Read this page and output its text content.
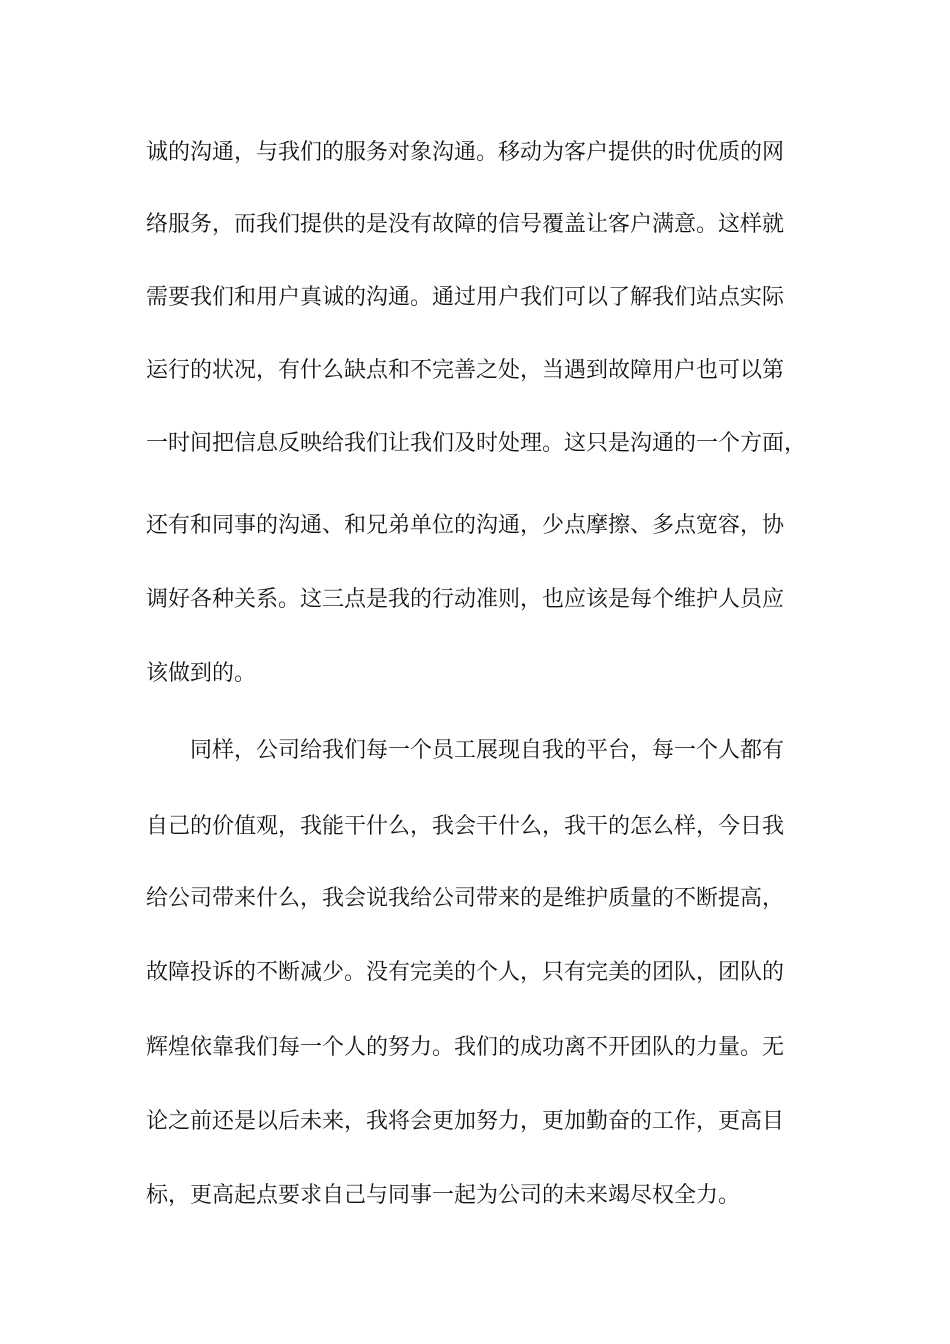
诚的沟通，与我们的服务对象沟通。移动为客户提供的时优质的网
络服务，而我们提供的是没有故障的信号覆盖让客户满意。这样就
需要我们和用户真诚的沟通。通过用户我们可以了解我们站点实际
运行的状况，有什么缺点和不完善之处，当遇到故障用户也可以第
一时间把信息反映给我们让我们及时处理。这只是沟通的一个方面，
还有和同事的沟通、和兄弟单位的沟通，少点摩擦、多点宽容，协
调好各种关系。这三点是我的行动准则，也应该是每个维护人员应
该做到的。
同样，公司给我们每一个员工展现自我的平台，每一个人都有
自己的价值观，我能干什么，我会干什么，我干的怎么样，今日我
给公司带来什么，我会说我给公司带来的是维护质量的不断提高，
故障投诉的不断减少。没有完美的个人，只有完美的团队，团队的
辉煌依靠我们每一个人的努力。我们的成功离不开团队的力量。无
论之前还是以后未来，我将会更加努力，更加勤奋的工作，更高目
标，更高起点要求自己与同事一起为公司的未来竭尽权全力。
